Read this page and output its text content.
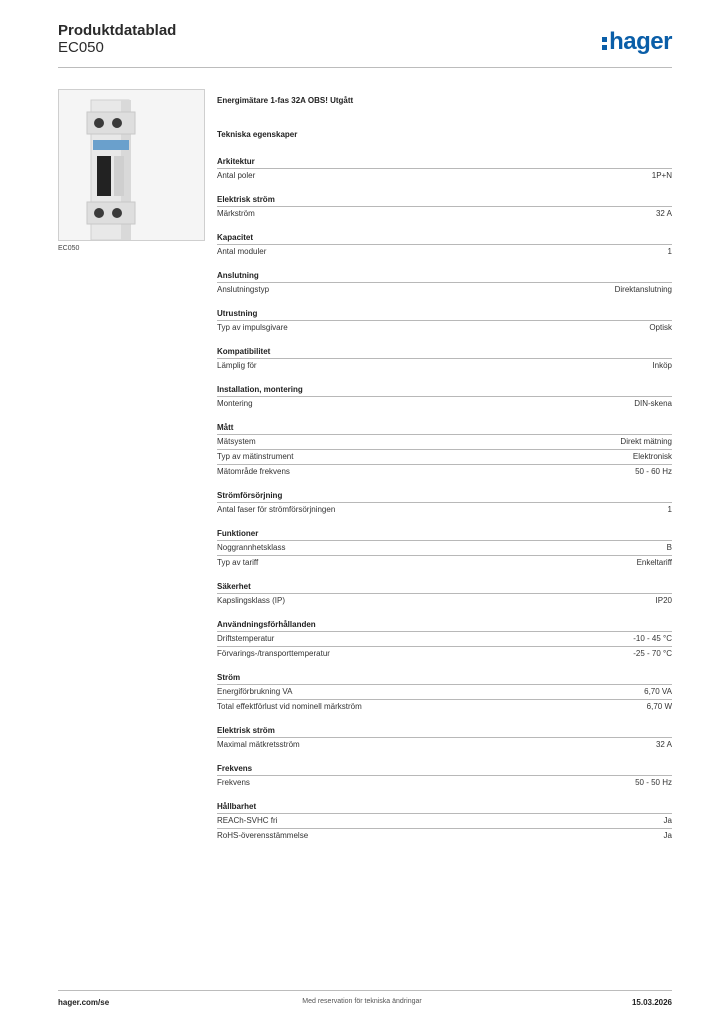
Produktdatablad
EC050	hager
EC050
Energimätare 1-fas 32A OBS! Utgått
Tekniska egenskaper
Arkitektur
Antal poler	1P+N
Elektrisk ström
Märkström	32 A
Kapacitet
Antal moduler	1
Anslutning
Anslutningstyp	Direktanslutning
Utrustning
Typ av impulsgivare	Optisk
Kompatibilitet
Lämplig för	Inköp
Installation, montering
Montering	DIN-skena
Mått
Mätsystem	Direkt mätning
Typ av mätinstrument	Elektronisk
Mätområde frekvens	50 - 60 Hz
Strömförsörjning
Antal faser för strömförsörjningen	1
Funktioner
Noggrannhetsklass	B
Typ av tariff	Enkeltariff
Säkerhet
Kapslingsklass (IP)	IP20
Användningsförhållanden
Driftstemperatur	-10 - 45 °C
Förvarings-/transporttemperatur	-25 - 70 °C
Ström
Energiförbrukning VA	6,70 VA
Total effektförlust vid nominell märkström	6,70 W
Elektrisk ström
Maximal mätkretsström	32 A
Frekvens
Frekvens	50 - 50 Hz
Hållbarhet
REACh-SVHC fri	Ja
RoHS-överensstämmelse	Ja
hager.com/se	Med reservation för tekniska ändringar	15.03.2026
